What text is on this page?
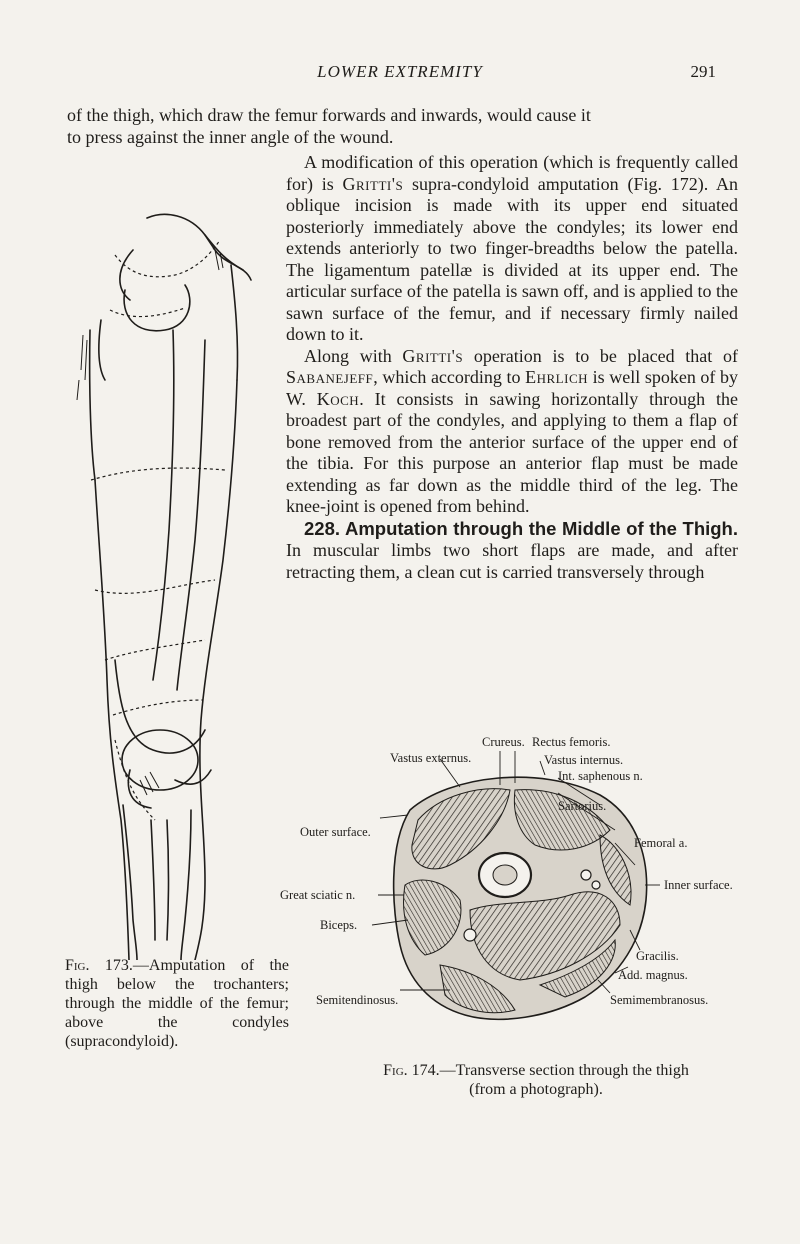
LOWER EXTREMITY	291

of the thigh, which draw the femur forwards and inwards, would cause it

to press against the inner angle of the wound.

A modification of this operation (which is frequently called for) is Gritti's supra-condyloid amputation (Fig. 172). An oblique incision is made with its upper end situated posteriorly immediately above the condyles; its lower end extends anteriorly to two finger-breadths below the patella. The ligamentum patellæ is divided at its upper end. The articular surface of the patella is sawn off, and is applied to the sawn surface of the femur, and if necessary firmly nailed down to it.

Along with Gritti's operation is to be placed that of Sabanejeff, which according to Ehrlich is well spoken of by W. Koch. It consists in sawing horizontally through the broadest part of the condyles, and applying to them a flap of bone removed from the anterior surface of the upper end of the tibia. For this purpose an anterior flap must be made extending as far down as the middle third of the leg. The knee-joint is opened from behind.

228. Amputation through the Middle of the Thigh. In muscular limbs two short flaps are made, and after retracting them, a clean cut is carried transversely through

Fig. 173.—Amputation of the thigh below the trochanters; through the middle of the femur; above the condyles (supracondyloid).
Crureus. Rectus femoris.
Vastus externus.	Vastus internus.
Int. saphenous n.
Sartorius.
Outer surface.
Femoral a.
Inner surface.
Great sciatic n.
Biceps.
Gracilis.
Add. magnus.
Semitendinosus.	Semimembranosus.
Fig. 174.—Transverse section through the thigh
(from a photograph).
